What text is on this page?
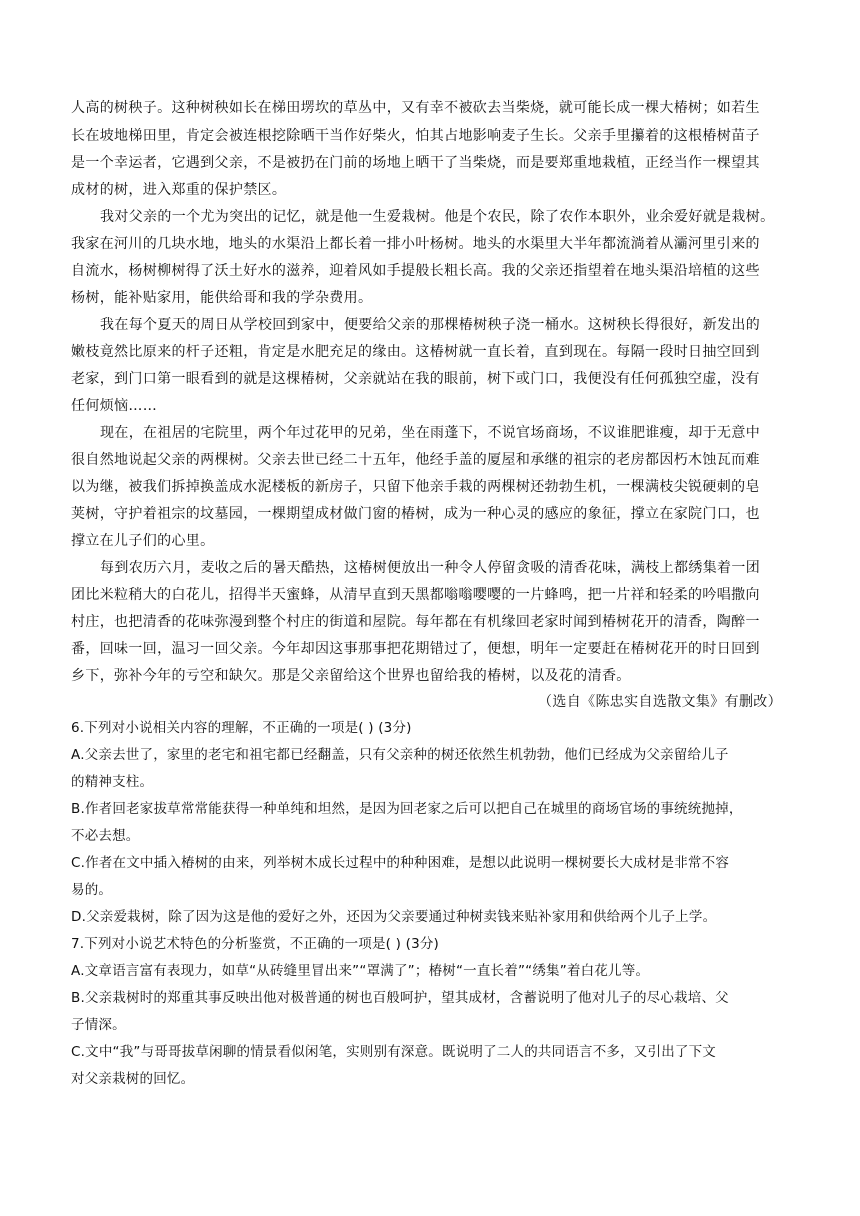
人高的树秧子。这种树秧如长在梯田塄坎的草丛中，又有幸不被砍去当柴烧，就可能长成一棵大椿树；如若生
长在坡地梯田里，肯定会被连根挖除晒干当作好柴火，怕其占地影响麦子生长。父亲手里攥着的这根椿树苗子
是一个幸运者，它遇到父亲，不是被扔在门前的场地上晒干了当柴烧，而是要郑重地栽植，正经当作一棵望其
成材的树，进入郑重的保护禁区。
我对父亲的一个尤为突出的记忆，就是他一生爱栽树。他是个农民，除了农作本职外，业余爱好就是栽树。
我家在河川的几块水地，地头的水渠沿上都长着一排小叶杨树。地头的水渠里大半年都流淌着从灞河里引来的
自流水，杨树柳树得了沃土好水的滋养，迎着风如手提般长粗长高。我的父亲还指望着在地头渠沿培植的这些
杨树，能补贴家用，能供给哥和我的学杂费用。
我在每个夏天的周日从学校回到家中，便要给父亲的那棵椿树秧子浇一桶水。这树秧长得很好，新发出的
嫩枝竟然比原来的杆子还粗，肯定是水肥充足的缘由。这椿树就一直长着，直到现在。每隔一段时日抽空回到
老家，到门口第一眼看到的就是这棵椿树，父亲就站在我的眼前，树下或门口，我便没有任何孤独空虚，没有
任何烦恼……
现在，在祖居的宅院里，两个年过花甲的兄弟，坐在雨蓬下，不说官场商场，不议谁肥谁瘦，却于无意中
很自然地说起父亲的两棵树。父亲去世已经二十五年，他经手盖的厦屋和承继的祖宗的老房都因朽木蚀瓦而难
以为继，被我们拆掉换盖成水泥楼板的新房子，只留下他亲手栽的两棵树还勃勃生机，一棵满枝尖锐硬刺的皂
荚树，守护着祖宗的坟墓园，一棵期望成材做门窗的椿树，成为一种心灵的感应的象征，撑立在家院门口，也
撑立在儿子们的心里。
每到农历六月，麦收之后的暑天酷热，这椿树便放出一种令人停留贪吸的清香花味，满枝上都绣集着一团
团比米粒稍大的白花儿，招得半天蜜蜂，从清早直到天黑都嗡嗡嘤嘤的一片蜂鸣，把一片祥和轻柔的吟唱撒向
村庄，也把清香的花味弥漫到整个村庄的街道和屋院。每年都在有机缘回老家时闻到椿树花开的清香，陶醉一
番，回味一回，温习一回父亲。今年却因这事那事把花期错过了，便想，明年一定要赶在椿树花开的时日回到
乡下，弥补今年的亏空和缺欠。那是父亲留给这个世界也留给我的椿树，以及花的清香。
（选自《陈忠实自选散文集》有删改）
6.下列对小说相关内容的理解，不正确的一项是( ) (3分)
A.父亲去世了，家里的老宅和祖宅都已经翻盖，只有父亲种的树还依然生机勃勃，他们已经成为父亲留给儿子
的精神支柱。
B.作者回老家拔草常常能获得一种单纯和坦然，是因为回老家之后可以把自己在城里的商场官场的事统统抛掉，
不必去想。
C.作者在文中插入椿树的由来，列举树木成长过程中的种种困难，是想以此说明一棵树要长大成材是非常不容
易的。
D.父亲爱栽树，除了因为这是他的爱好之外，还因为父亲要通过种树卖钱来贴补家用和供给两个儿子上学。
7.下列对小说艺术特色的分析鉴赏，不正确的一项是( ) (3分)
A.文章语言富有表现力，如草“从砖缝里冒出来”“罩满了”；椿树“一直长着”“绣集”着白花儿等。
B.父亲栽树时的郑重其事反映出他对极普通的树也百般呵护，望其成材，含蓄说明了他对儿子的尽心栽培、父
子情深。
C.文中“我”与哥哥拔草闲聊的情景看似闲笔，实则别有深意。既说明了二人的共同语言不多，又引出了下文
对父亲栽树的回忆。
